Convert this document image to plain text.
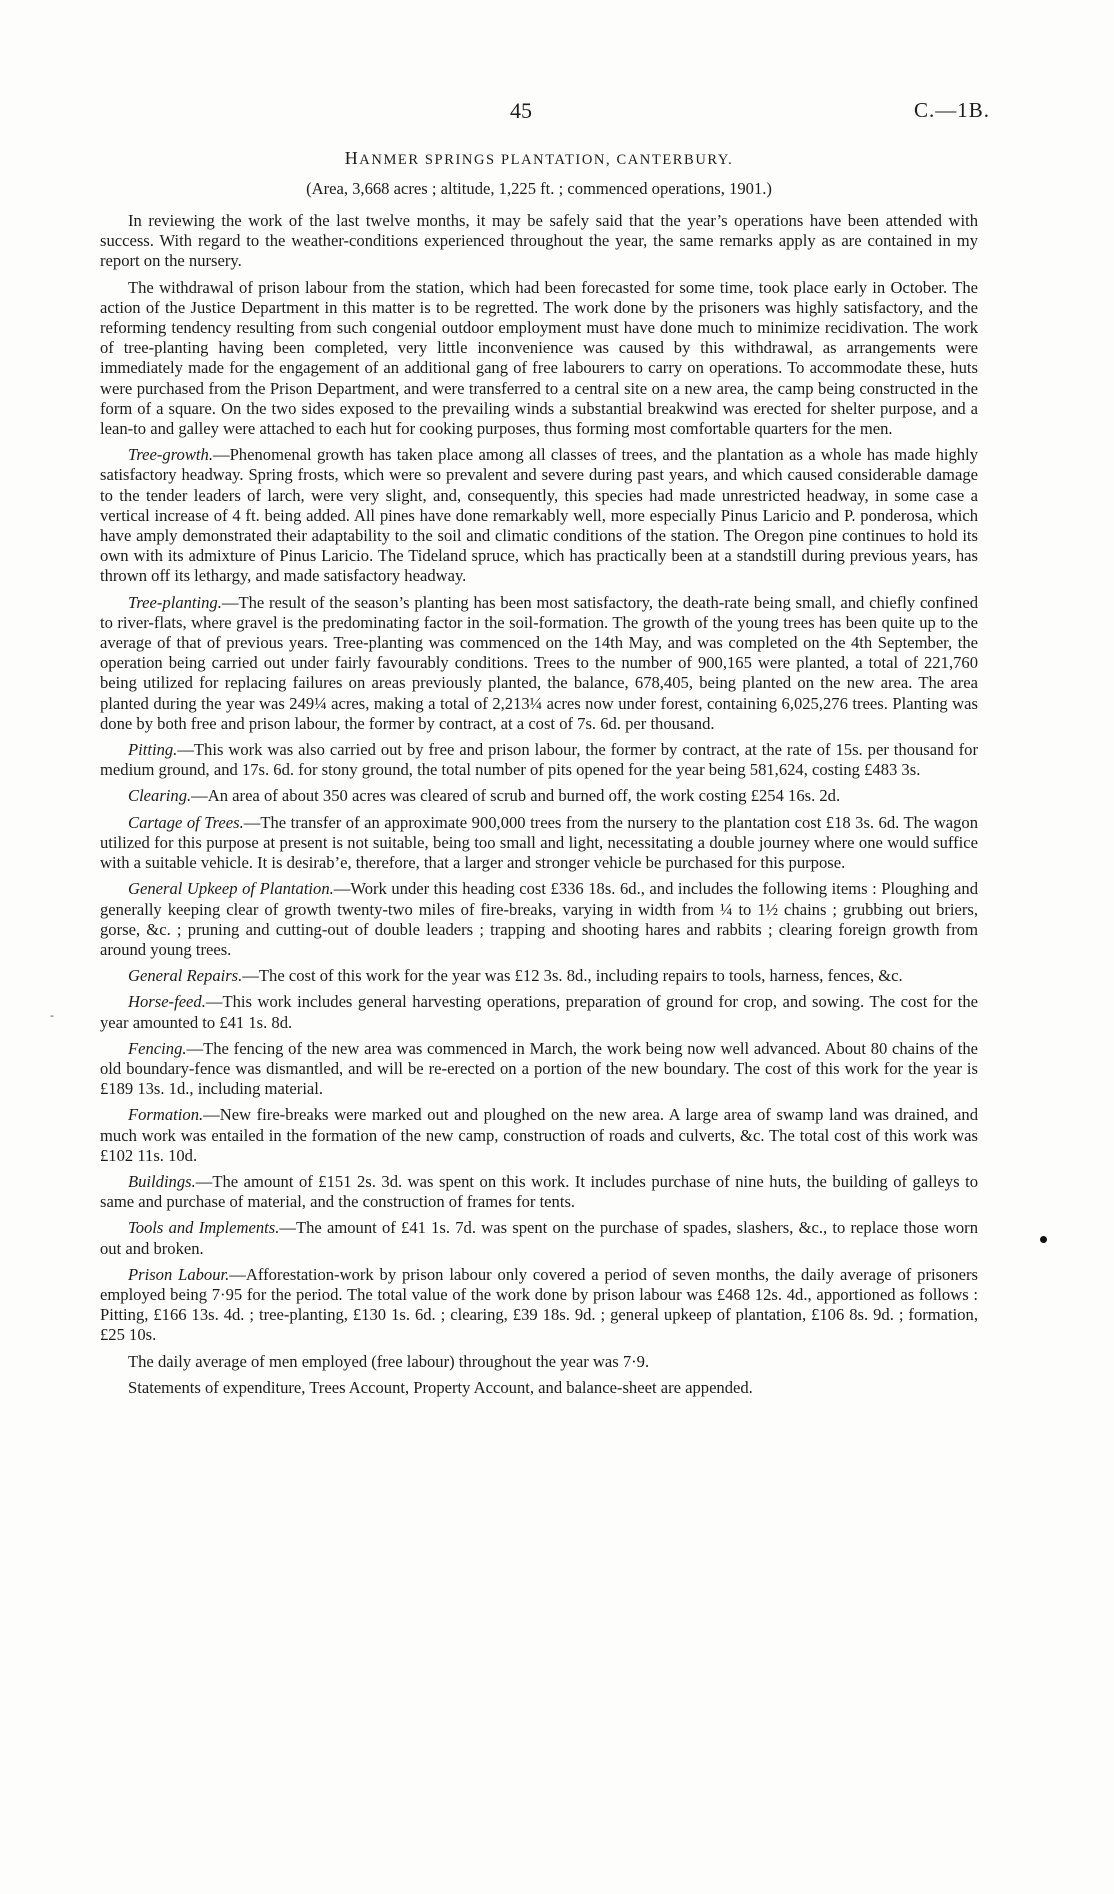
45	C.—1B.
-
HANMER SPRINGS PLANTATION, CANTERBURY.
(Area, 3,668 acres ; altitude, 1,225 ft. ; commenced operations, 1901.)

In reviewing the work of the last twelve months, it may be safely said that the year’s operations have been attended with success. With regard to the weather-conditions experienced throughout the year, the same remarks apply as are contained in my report on the nursery.

The withdrawal of prison labour from the station, which had been forecasted for some time, took place early in October. The action of the Justice Department in this matter is to be regretted. The work done by the prisoners was highly satisfactory, and the reforming tendency resulting from such congenial outdoor employment must have done much to minimize recidivation. The work of tree-planting having been completed, very little inconvenience was caused by this withdrawal, as arrangements were immediately made for the engagement of an additional gang of free labourers to carry on operations. To accommodate these, huts were purchased from the Prison Department, and were transferred to a central site on a new area, the camp being constructed in the form of a square. On the two sides exposed to the prevailing winds a substantial breakwind was erected for shelter purpose, and a lean-to and galley were attached to each hut for cooking purposes, thus forming most comfortable quarters for the men.

Tree-growth.—Phenomenal growth has taken place among all classes of trees, and the plantation as a whole has made highly satisfactory headway. Spring frosts, which were so prevalent and severe during past years, and which caused considerable damage to the tender leaders of larch, were very slight, and, consequently, this species had made unrestricted headway, in some case a vertical increase of 4 ft. being added. All pines have done remarkably well, more especially Pinus Laricio and P. ponderosa, which have amply demonstrated their adaptability to the soil and climatic conditions of the station. The Oregon pine continues to hold its own with its admixture of Pinus Laricio. The Tideland spruce, which has practically been at a standstill during previous years, has thrown off its lethargy, and made satisfactory headway.

Tree-planting.—The result of the season’s planting has been most satisfactory, the death-rate being small, and chiefly confined to river-flats, where gravel is the predominating factor in the soil-formation. The growth of the young trees has been quite up to the average of that of previous years. Tree-planting was commenced on the 14th May, and was completed on the 4th September, the operation being carried out under fairly favourably conditions. Trees to the number of 900,165 were planted, a total of 221,760 being utilized for replacing failures on areas previously planted, the balance, 678,405, being planted on the new area. The area planted during the year was 249¼ acres, making a total of 2,213¼ acres now under forest, containing 6,025,276 trees. Planting was done by both free and prison labour, the former by contract, at a cost of 7s. 6d. per thousand.

Pitting.—This work was also carried out by free and prison labour, the former by contract, at the rate of 15s. per thousand for medium ground, and 17s. 6d. for stony ground, the total number of pits opened for the year being 581,624, costing £483 3s.

Clearing.—An area of about 350 acres was cleared of scrub and burned off, the work costing £254 16s. 2d.

Cartage of Trees.—The transfer of an approximate 900,000 trees from the nursery to the plantation cost £18 3s. 6d. The wagon utilized for this purpose at present is not suitable, being too small and light, necessitating a double journey where one would suffice with a suitable vehicle. It is desirab’e, therefore, that a larger and stronger vehicle be purchased for this purpose.

General Upkeep of Plantation.—Work under this heading cost £336 18s. 6d., and includes the following items : Ploughing and generally keeping clear of growth twenty-two miles of fire-breaks, varying in width from ¼ to 1½ chains ; grubbing out briers, gorse, &c. ; pruning and cutting-out of double leaders ; trapping and shooting hares and rabbits ; clearing foreign growth from around young trees.

General Repairs.—The cost of this work for the year was £12 3s. 8d., including repairs to tools, harness, fences, &c.

Horse-feed.—This work includes general harvesting operations, preparation of ground for crop, and sowing. The cost for the year amounted to £41 1s. 8d.

Fencing.—The fencing of the new area was commenced in March, the work being now well advanced. About 80 chains of the old boundary-fence was dismantled, and will be re-erected on a portion of the new boundary. The cost of this work for the year is £189 13s. 1d., including material.

Formation.—New fire-breaks were marked out and ploughed on the new area. A large area of swamp land was drained, and much work was entailed in the formation of the new camp, construction of roads and culverts, &c. The total cost of this work was £102 11s. 10d.

Buildings.—The amount of £151 2s. 3d. was spent on this work. It includes purchase of nine huts, the building of galleys to same and purchase of material, and the construction of frames for tents.

Tools and Implements.—The amount of £41 1s. 7d. was spent on the purchase of spades, slashers, &c., to replace those worn out and broken.

Prison Labour.—Afforestation-work by prison labour only covered a period of seven months, the daily average of prisoners employed being 7·95 for the period. The total value of the work done by prison labour was £468 12s. 4d., apportioned as follows : Pitting, £166 13s. 4d. ; tree-planting, £130 1s. 6d. ; clearing, £39 18s. 9d. ; general upkeep of plantation, £106 8s. 9d. ; formation, £25 10s.

The daily average of men employed (free labour) throughout the year was 7·9.

Statements of expenditure, Trees Account, Property Account, and balance-sheet are appended.
